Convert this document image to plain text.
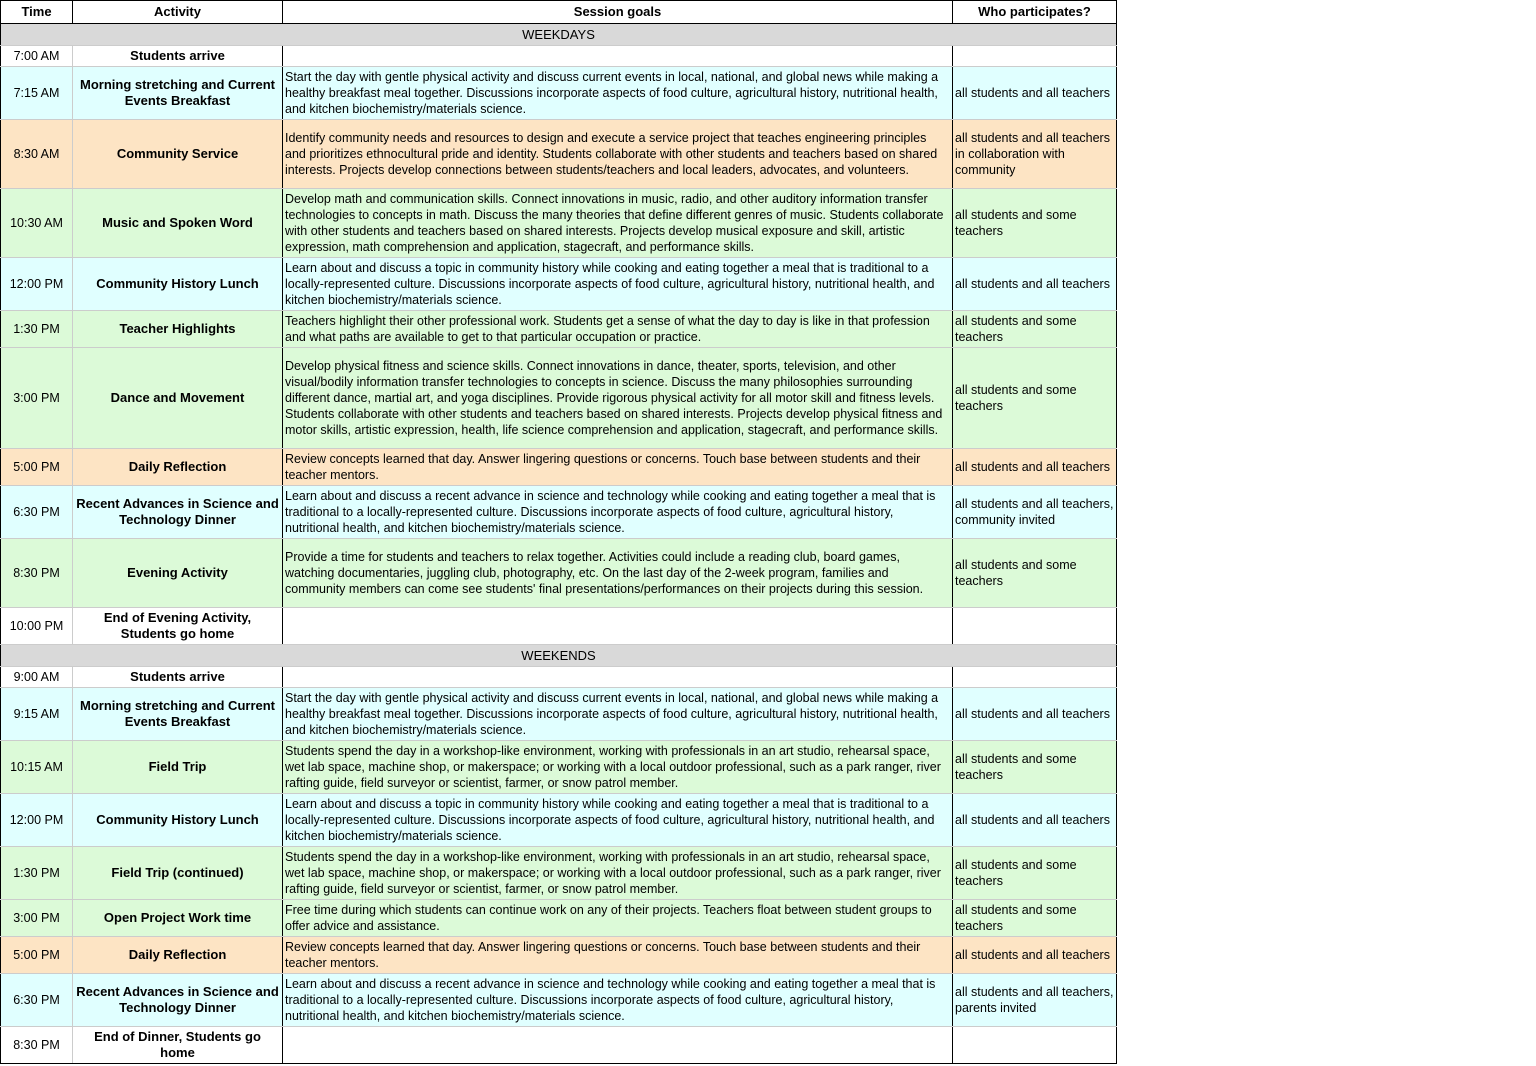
Time	Activity	Session goals	Who participates?
WEEKDAYS			
7:00 AM	Students arrive		
7:15 AM	Morning stretching and Current Events Breakfast	Start the day with gentle physical activity and discuss current events in local, national, and global news while making a healthy breakfast meal together. Discussions incorporate aspects of food culture, agricultural history, nutritional health, and kitchen biochemistry/materials science.	all students and all teachers
8:30 AM	Community Service	Identify community needs and resources to design and execute a service project that teaches engineering principles and prioritizes ethnocultural pride and identity. Students collaborate with other students and teachers based on shared interests. Projects develop connections between students/teachers and local leaders, advocates, and volunteers.	all students and all teachers in collaboration with community
10:30 AM	Music and Spoken Word	Develop math and communication skills. Connect innovations in music, radio, and other auditory information transfer technologies to concepts in math. Discuss the many theories that define different genres of music. Students collaborate with other students and teachers based on shared interests. Projects develop musical exposure and skill, artistic expression, math comprehension and application, stagecraft, and performance skills.	all students and some teachers
12:00 PM	Community History Lunch	Learn about and discuss a topic in community history while cooking and eating together a meal that is traditional to a locally-represented culture. Discussions incorporate aspects of food culture, agricultural history, nutritional health, and kitchen biochemistry/materials science.	all students and all teachers
1:30 PM	Teacher Highlights	Teachers highlight their other professional work. Students get a sense of what the day to day is like in that profession and what paths are available to get to that particular occupation or practice.	all students and some teachers
3:00 PM	Dance and Movement	Develop physical fitness and science skills. Connect innovations in dance, theater, sports, television, and other visual/bodily information transfer technologies to concepts in science. Discuss the many philosophies surrounding different dance, martial art, and yoga disciplines. Provide rigorous physical activity for all motor skill and fitness levels. Students collaborate with other students and teachers based on shared interests. Projects develop physical fitness and motor skills, artistic expression, health, life science comprehension and application, stagecraft, and performance skills.	all students and some teachers
5:00 PM	Daily Reflection	Review concepts learned that day. Answer lingering questions or concerns. Touch base between students and their teacher mentors.	all students and all teachers
6:30 PM	Recent Advances in Science and Technology Dinner	Learn about and discuss a recent advance in science and technology while cooking and eating together a meal that is traditional to a locally-represented culture. Discussions incorporate aspects of food culture, agricultural history, nutritional health, and kitchen biochemistry/materials science.	all students and all teachers, community invited
8:30 PM	Evening Activity	Provide a time for students and teachers to relax together. Activities could include a reading club, board games, watching documentaries, juggling club, photography, etc. On the last day of the 2-week program, families and community members can come see students' final presentations/performances on their projects during this session.	all students and some teachers
10:00 PM	End of Evening Activity, Students go home		
WEEKENDS			
9:00 AM	Students arrive		
9:15 AM	Morning stretching and Current Events Breakfast	Start the day with gentle physical activity and discuss current events in local, national, and global news while making a healthy breakfast meal together. Discussions incorporate aspects of food culture, agricultural history, nutritional health, and kitchen biochemistry/materials science.	all students and all teachers
10:15 AM	Field Trip	Students spend the day in a workshop-like environment, working with professionals in an art studio, rehearsal space, wet lab space, machine shop, or makerspace; or working with a local outdoor professional, such as a park ranger, river rafting guide, field surveyor or scientist, farmer, or snow patrol member.	all students and some teachers
12:00 PM	Community History Lunch	Learn about and discuss a topic in community history while cooking and eating together a meal that is traditional to a locally-represented culture. Discussions incorporate aspects of food culture, agricultural history, nutritional health, and kitchen biochemistry/materials science.	all students and all teachers
1:30 PM	Field Trip (continued)	Students spend the day in a workshop-like environment, working with professionals in an art studio, rehearsal space, wet lab space, machine shop, or makerspace; or working with a local outdoor professional, such as a park ranger, river rafting guide, field surveyor or scientist, farmer, or snow patrol member.	all students and some teachers
3:00 PM	Open Project Work time	Free time during which students can continue work on any of their projects. Teachers float between student groups to offer advice and assistance.	all students and some teachers
5:00 PM	Daily Reflection	Review concepts learned that day. Answer lingering questions or concerns. Touch base between students and their teacher mentors.	all students and all teachers
6:30 PM	Recent Advances in Science and Technology Dinner	Learn about and discuss a recent advance in science and technology while cooking and eating together a meal that is traditional to a locally-represented culture. Discussions incorporate aspects of food culture, agricultural history, nutritional health, and kitchen biochemistry/materials science.	all students and all teachers, parents invited
8:30 PM	End of Dinner, Students go home		
